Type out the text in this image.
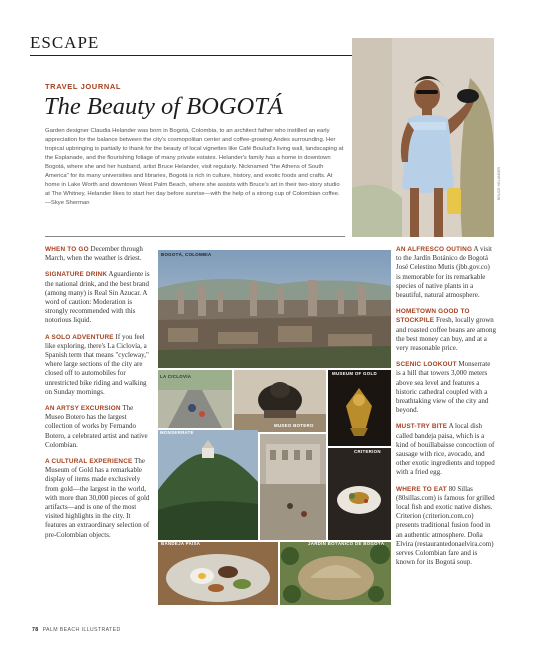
ESCAPE
TRAVEL JOURNAL
The Beauty of BOGOTÁ
Garden designer Claudia Helander was born in Bogotá, Colombia, to an architect father who instilled an early appreciation for the balance between the city's cosmopolitan center and coffee-growing Andes surrounding. Her tropical upbringing is partially to thank for the beauty of local vignettes like Café Boulud's living wall, landscaping at the Esplanade, and the flourishing foliage of many private estates. Helander's family has a home in downtown Bogotá, where she and her husband, artist Bruce Helander, visit regularly. Nicknamed "the Athens of South America" for its many universities and libraries, Bogotá is rich in culture, history, and exotic foods and crafts. At home in Lake Worth and downtown West Palm Beach, where she assists with Bruce's art in their two-story studio at The Whitney, Helander likes to start her day before sunrise—with the help of a strong cup of Colombian coffee. —Skye Sherman
BRUCE HELANDER

WHEN TO GO December through March, when the weather is driest.

SIGNATURE DRINK Aguardiente is the national drink, and the best brand (among many) is Real Sin Azucar. A word of caution: Moderation is strongly recommended with this notorious liquid.

A SOLO ADVENTURE If you feel like exploring, there's La Ciclovía, a Spanish term that means "cycleway," where large sections of the city are closed off to automobiles for unrestricted bike riding and walking on Sunday mornings.

AN ARTSY EXCURSION The Museo Botero has the largest collection of works by Fernando Botero, a celebrated artist and native Colombian.

A CULTURAL EXPERIENCE The Museum of Gold has a remarkable display of items made exclusively from gold—the largest in the world, with more than 30,000 pieces of gold artifacts—and is one of the most visited highlights in the city. It features an extraordinary selection of pre-Colombian objects.

BOGOTÁ, COLOMBIA
LA CICLOVÍA
MUSEO BOTERO
MUSEUM OF GOLD
MONSERRATE
CRITERION
BANDEJA PAISA	JARDÍN BOTÁNICO DE BOGOTÁ

AN ALFRESCO OUTING A visit to the Jardín Botánico de Bogotá José Celestino Mutis (jbb.gov.co) is memorable for its remarkable species of native plants in a beautiful, natural atmosphere.

HOMETOWN GOOD TO STOCKPILE Fresh, locally grown and roasted coffee beans are among the best money can buy, and at a very reasonable price.

SCENIC LOOKOUT Monserrate is a hill that towers 3,000 meters above sea level and features a historic cathedral coupled with a breathtaking view of the city and beyond.

MUST-TRY BITE A local dish called bandeja paisa, which is a kind of bouillabaisse concoction of sausage with rice, avocado, and other exotic ingredients and topped with a fried egg.

WHERE TO EAT 80 Sillas (80sillas.com) is famous for grilled local fish and exotic native dishes. Criterion (criterion.com.co) presents traditional fusion food in an authentic atmosphere. Doña Elvira (restaurantedonaelvira.com) serves Colombian fare and is known for its Bogotá soup.

78 PALM BEACH ILLUSTRATED
